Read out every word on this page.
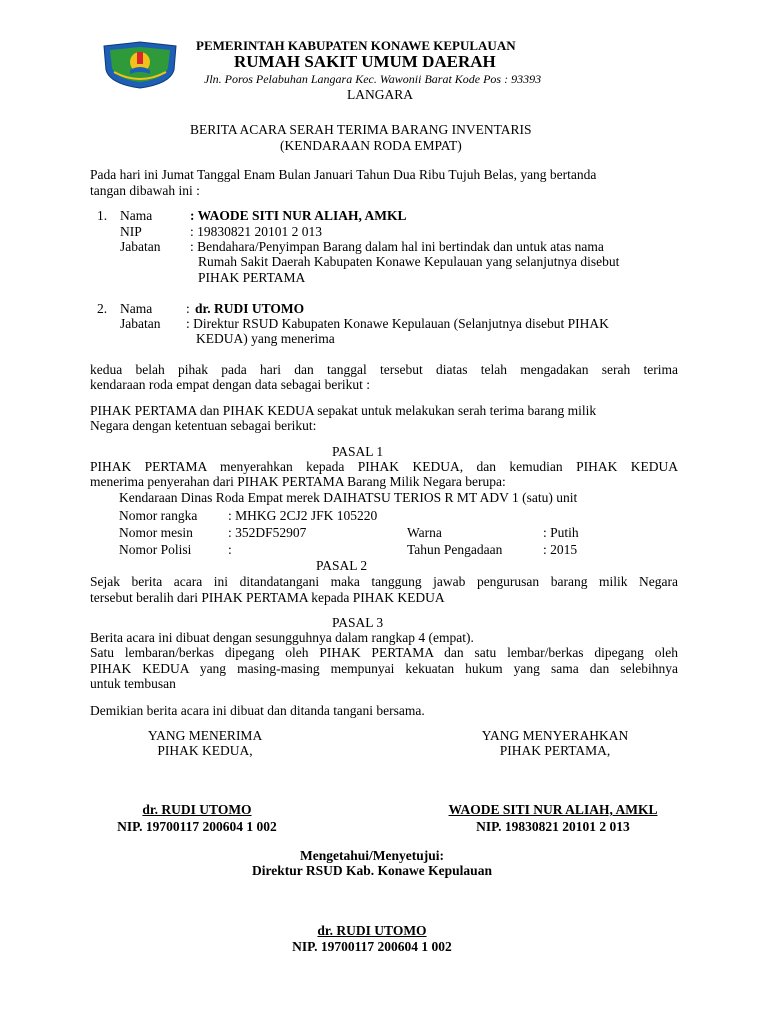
PEMERINTAH KABUPATEN KONAWE KEPULAUAN
RUMAH SAKIT UMUM DAERAH
Jln. Poros Pelabuhan Langara Kec. Wawonii Barat Kode Pos : 93393
LANGARA
BERITA ACARA SERAH TERIMA BARANG INVENTARIS
(KENDARAAN RODA EMPAT)
Pada hari ini Jumat Tanggal Enam Bulan Januari Tahun Dua Ribu Tujuh Belas, yang bertanda
tangan dibawah ini :
1. Nama	: WAODE SITI NUR ALIAH, AMKL
NIP	: 19830821 20101 2 013
Jabatan : Bendahara/Penyimpan Barang dalam hal ini bertindak dan untuk atas nama
Rumah Sakit Daerah Kabupaten Konawe Kepulauan yang selanjutnya disebut
PIHAK PERTAMA
2. Nama	: dr. RUDI UTOMO
Jabatan : Direktur RSUD Kabupaten Konawe Kepulauan (Selanjutnya disebut PIHAK
KEDUA) yang menerima
kedua belah pihak pada hari dan tanggal tersebut diatas telah mengadakan serah terima
kendaraan roda empat dengan data sebagai berikut :
PIHAK PERTAMA dan PIHAK KEDUA sepakat untuk melakukan serah terima barang milik
Negara dengan ketentuan sebagai berikut:
PASAL 1
PIHAK PERTAMA menyerahkan kepada PIHAK KEDUA, dan kemudian PIHAK KEDUA
menerima penyerahan dari PIHAK PERTAMA Barang Milik Negara berupa:
Kendaraan Dinas Roda Empat merek DAIHATSU TERIOS R MT ADV 1 (satu) unit
Nomor rangka : MHKG 2CJ2 JFK 105220
Nomor mesin	: 352DF52907	Warna	: Putih
Nomor Polisi	:	Tahun Pengadaan	: 2015
PASAL 2
Sejak berita acara ini ditandatangani maka tanggung jawab pengurusan barang milik Negara
tersebut beralih dari PIHAK PERTAMA kepada PIHAK KEDUA
PASAL 3
Berita acara ini dibuat dengan sesungguhnya dalam rangkap 4 (empat).
Satu lembaran/berkas dipegang oleh PIHAK PERTAMA dan satu lembar/berkas dipegang oleh
PIHAK KEDUA yang masing-masing mempunyai kekuatan hukum yang sama dan selebihnya
untuk tembusan
Demikian berita acara ini dibuat dan ditanda tangani bersama.
YANG MENERIMA
PIHAK KEDUA,
dr. RUDI UTOMO
NIP. 19700117 200604 1 002
YANG MENYERAHKAN
PIHAK PERTAMA,
WAODE SITI NUR ALIAH, AMKL
NIP. 19830821 20101 2 013
Mengetahui/Menyetujui:
Direktur RSUD Kab. Konawe Kepulauan
dr. RUDI UTOMO
NIP. 19700117 200604 1 002
